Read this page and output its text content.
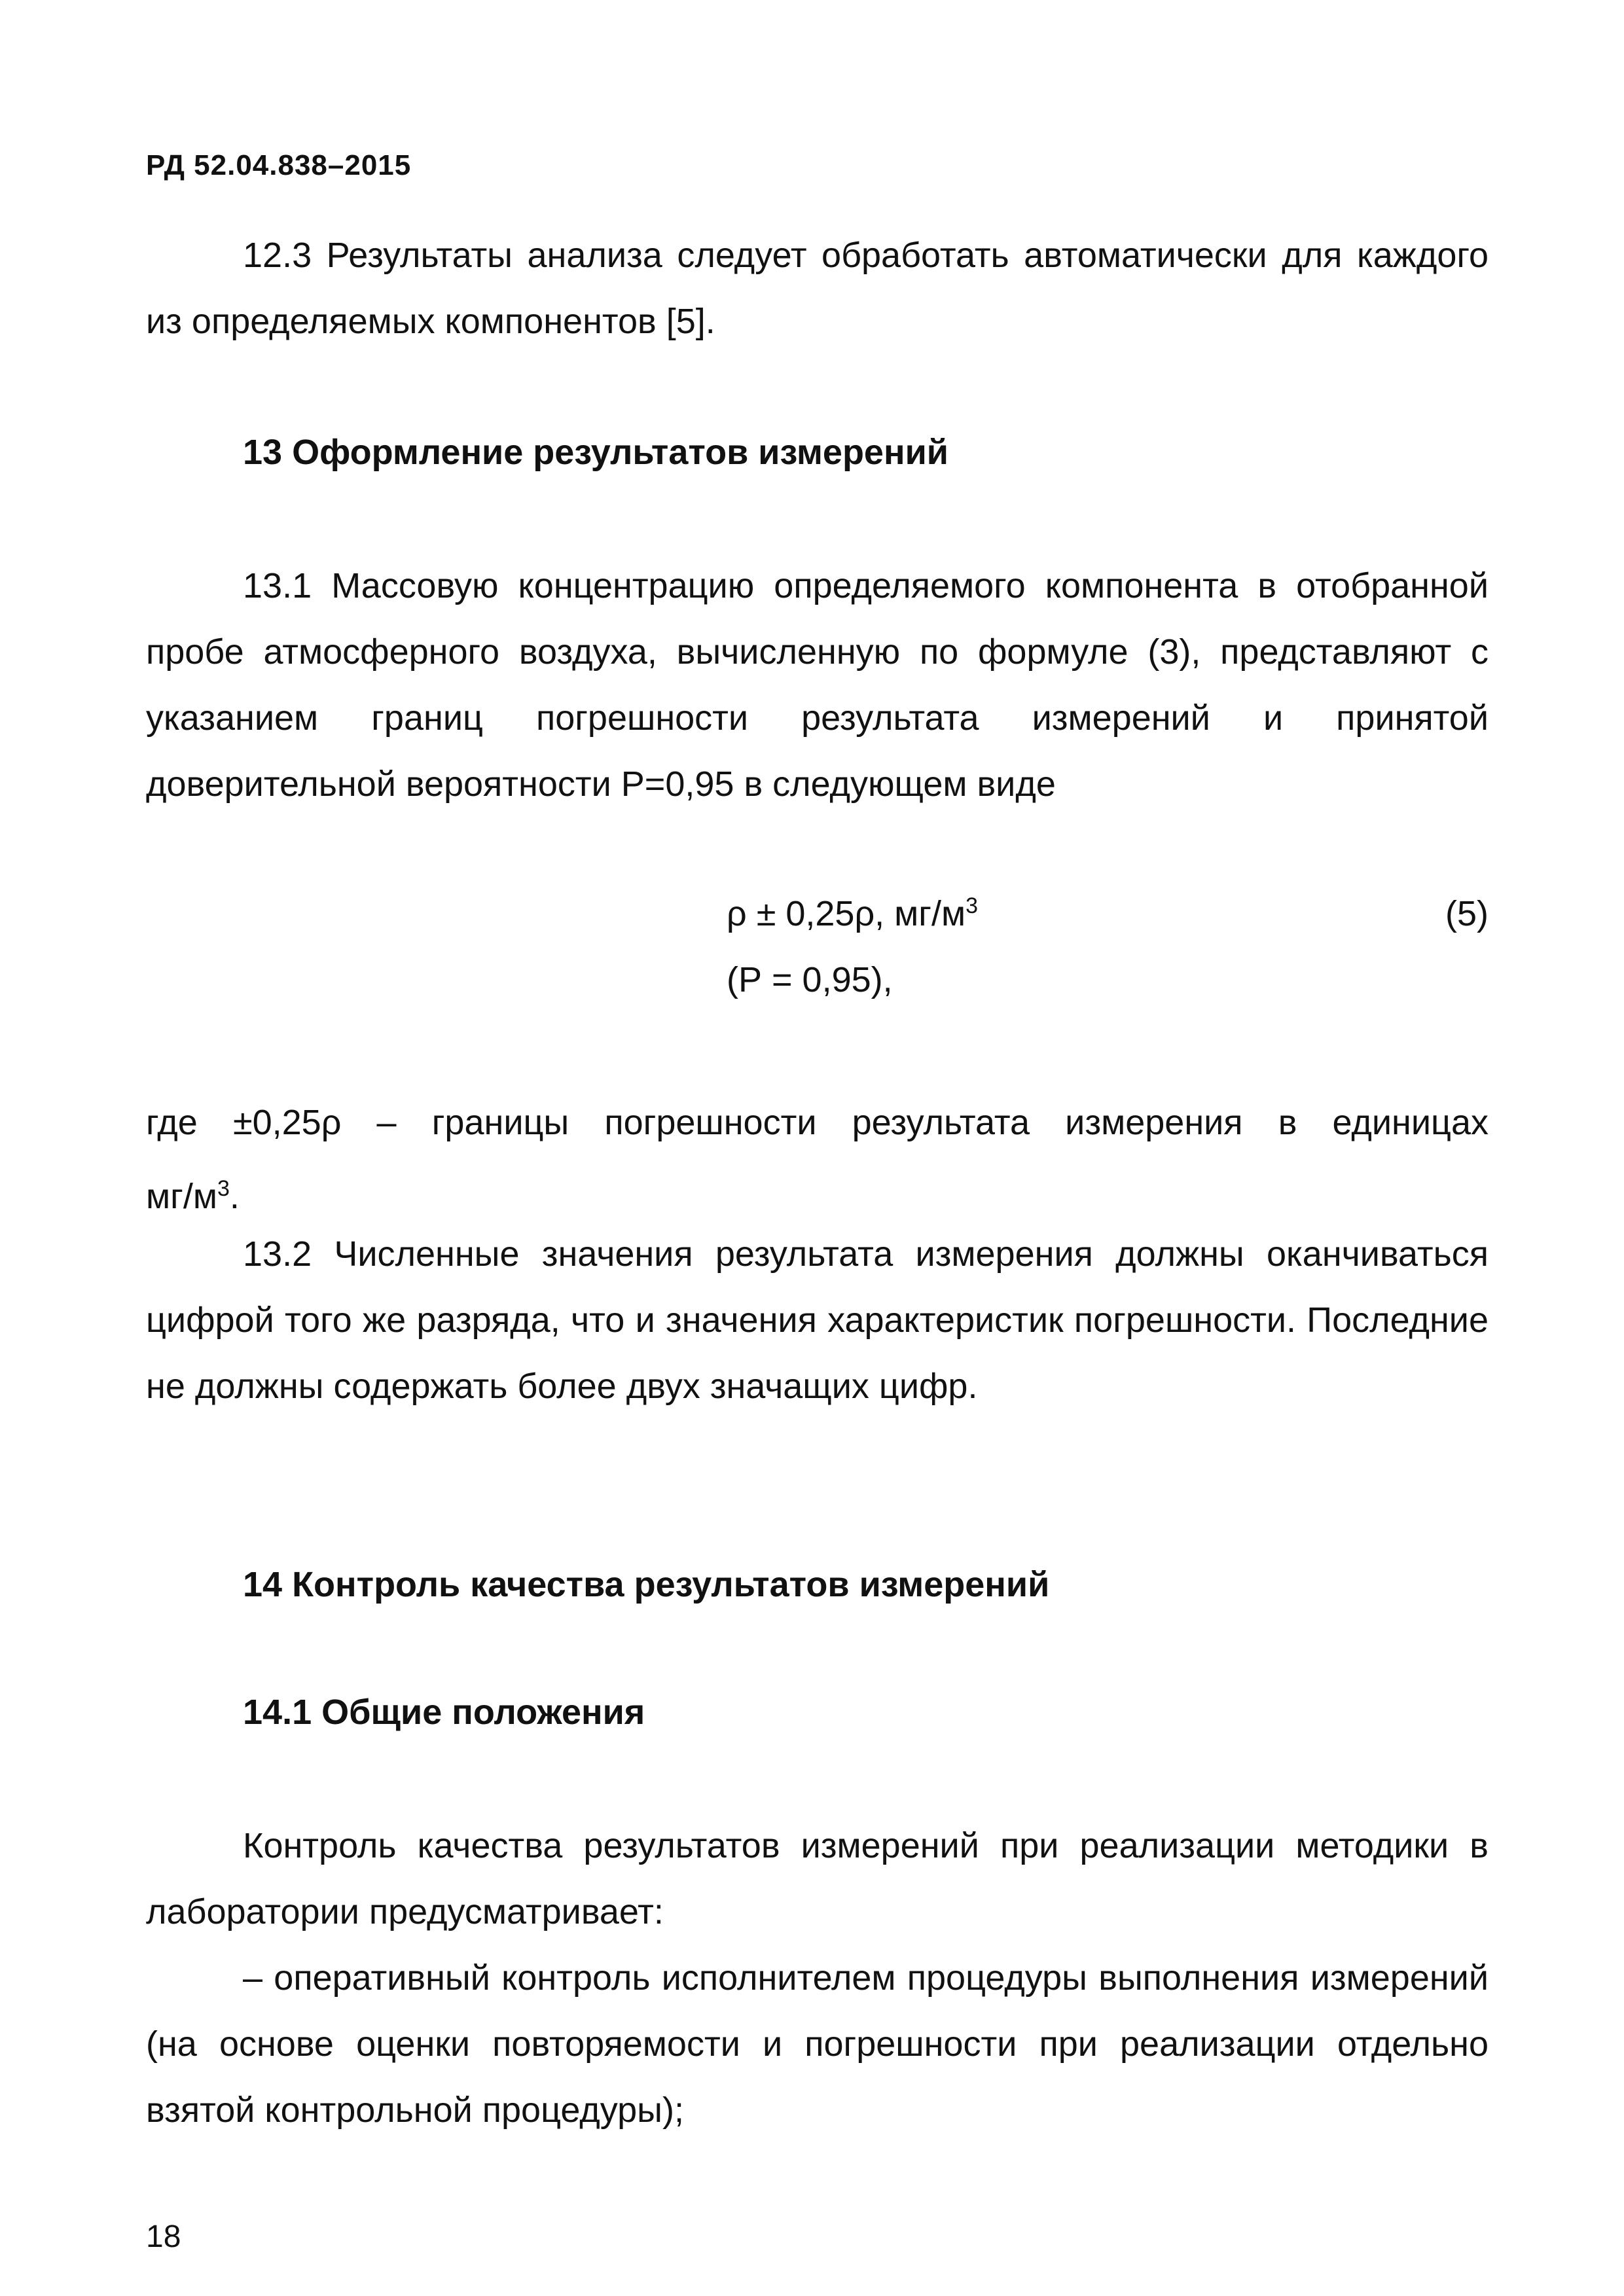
РД 52.04.838–2015

12.3 Результаты анализа следует обработать автоматически для каждого из определяемых компонентов [5].

13 Оформление результатов измерений

13.1 Массовую концентрацию определяемого компонента в отобранной пробе атмосферного воздуха, вычисленную по формуле (3), представляют с указанием границ погрешности результата измерений и принятой доверительной вероятности Р=0,95 в следующем виде

ρ ± 0,25ρ, $мг/м^3$	(5)
(Р = 0,95),

где ±0,25ρ – границы погрешности результата измерения в единицах

$мг/м^3$.

13.2 Численные значения результата измерения должны оканчиваться цифрой того же разряда, что и значения характеристик погрешности. Последние не должны содержать более двух значащих цифр.

14 Контроль качества результатов измерений

14.1 Общие положения

Контроль качества результатов измерений при реализации методики в лаборатории предусматривает:

– оперативный контроль исполнителем процедуры выполнения измерений (на основе оценки повторяемости и погрешности при реализации отдельно взятой контрольной процедуры);

18
